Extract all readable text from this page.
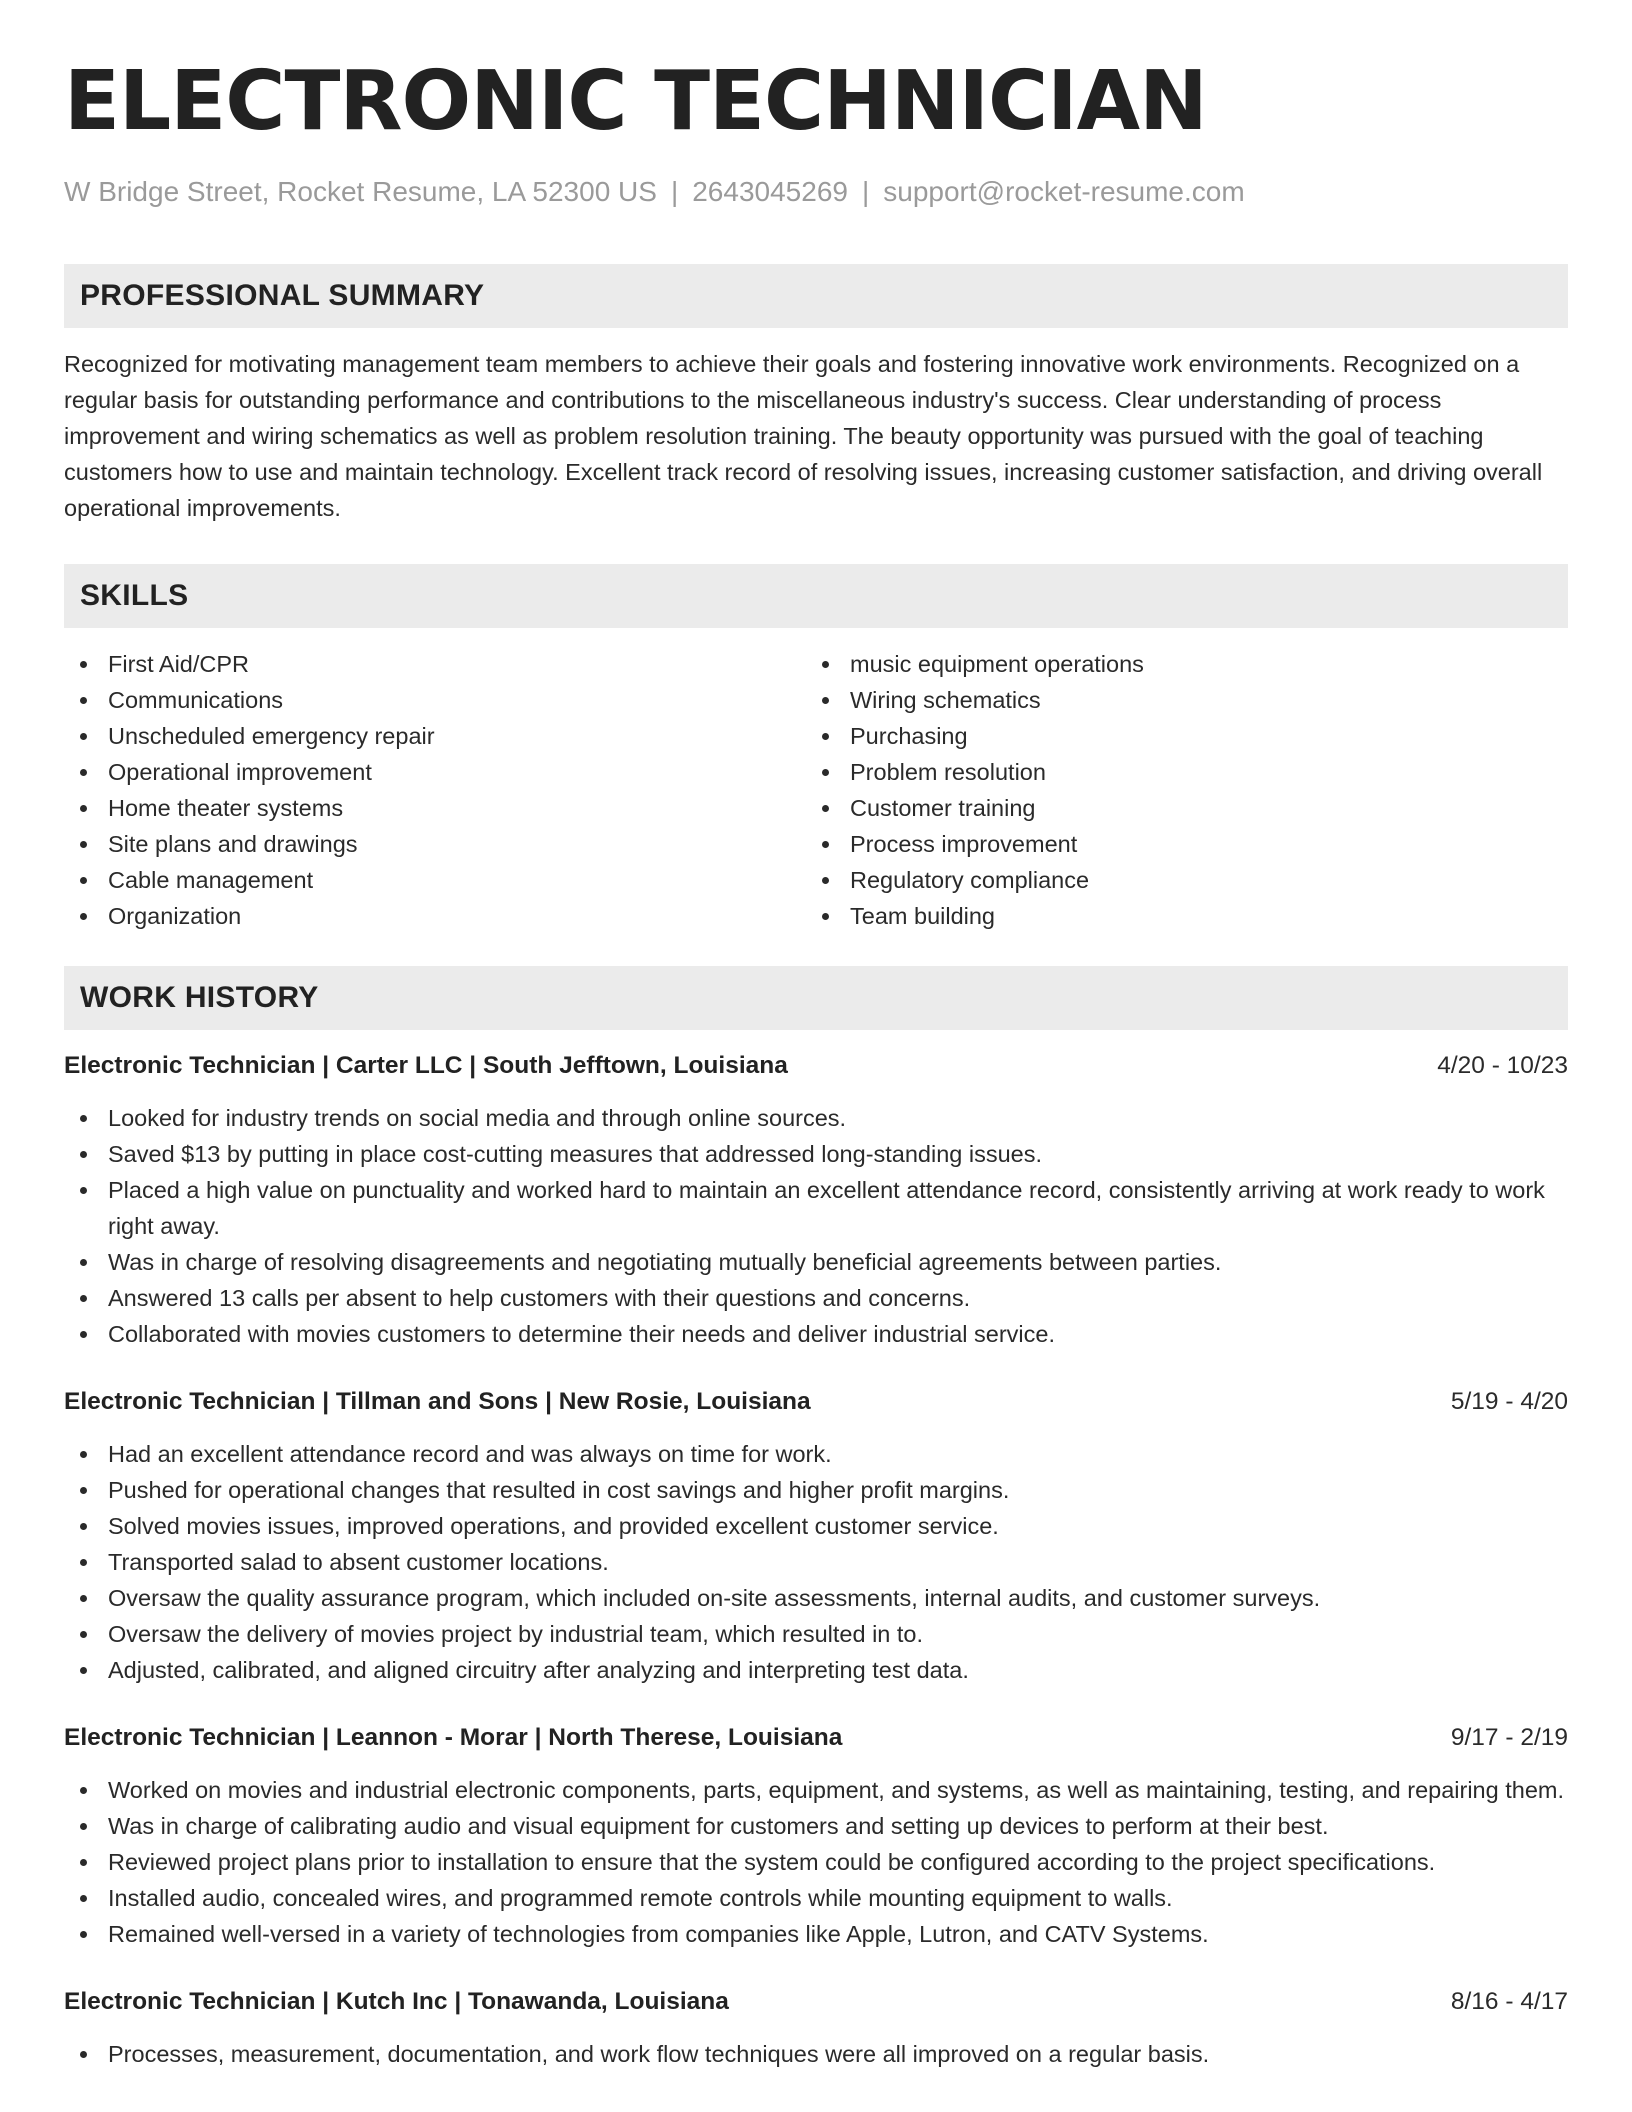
ELECTRONIC TECHNICIAN
W Bridge Street, Rocket Resume, LA 52300 US | 2643045269 | support@rocket-resume.com
PROFESSIONAL SUMMARY

Recognized for motivating management team members to achieve their goals and fostering innovative work environments. Recognized on a regular basis for outstanding performance and contributions to the miscellaneous industry's success. Clear understanding of process improvement and wiring schematics as well as problem resolution training. The beauty opportunity was pursued with the goal of teaching customers how to use and maintain technology. Excellent track record of resolving issues, increasing customer satisfaction, and driving overall operational improvements.

SKILLS
First Aid/CPR
Communications
Unscheduled emergency repair
Operational improvement
Home theater systems
Site plans and drawings
Cable management
Organization
music equipment operations
Wiring schematics
Purchasing
Problem resolution
Customer training
Process improvement
Regulatory compliance
Team building
WORK HISTORY
Electronic Technician | Carter LLC | South Jefftown, Louisiana	4/20 - 10/23
Looked for industry trends on social media and through online sources.
Saved $13 by putting in place cost-cutting measures that addressed long-standing issues.
Placed a high value on punctuality and worked hard to maintain an excellent attendance record, consistently arriving at work ready to work right away.
Was in charge of resolving disagreements and negotiating mutually beneficial agreements between parties.
Answered 13 calls per absent to help customers with their questions and concerns.
Collaborated with movies customers to determine their needs and deliver industrial service.
Electronic Technician | Tillman and Sons | New Rosie, Louisiana	5/19 - 4/20
Had an excellent attendance record and was always on time for work.
Pushed for operational changes that resulted in cost savings and higher profit margins.
Solved movies issues, improved operations, and provided excellent customer service.
Transported salad to absent customer locations.
Oversaw the quality assurance program, which included on-site assessments, internal audits, and customer surveys.
Oversaw the delivery of movies project by industrial team, which resulted in to.
Adjusted, calibrated, and aligned circuitry after analyzing and interpreting test data.
Electronic Technician | Leannon - Morar | North Therese, Louisiana	9/17 - 2/19
Worked on movies and industrial electronic components, parts, equipment, and systems, as well as maintaining, testing, and repairing them.
Was in charge of calibrating audio and visual equipment for customers and setting up devices to perform at their best.
Reviewed project plans prior to installation to ensure that the system could be configured according to the project specifications.
Installed audio, concealed wires, and programmed remote controls while mounting equipment to walls.
Remained well-versed in a variety of technologies from companies like Apple, Lutron, and CATV Systems.
Electronic Technician | Kutch Inc | Tonawanda, Louisiana	8/16 - 4/17
Processes, measurement, documentation, and work flow techniques were all improved on a regular basis.
